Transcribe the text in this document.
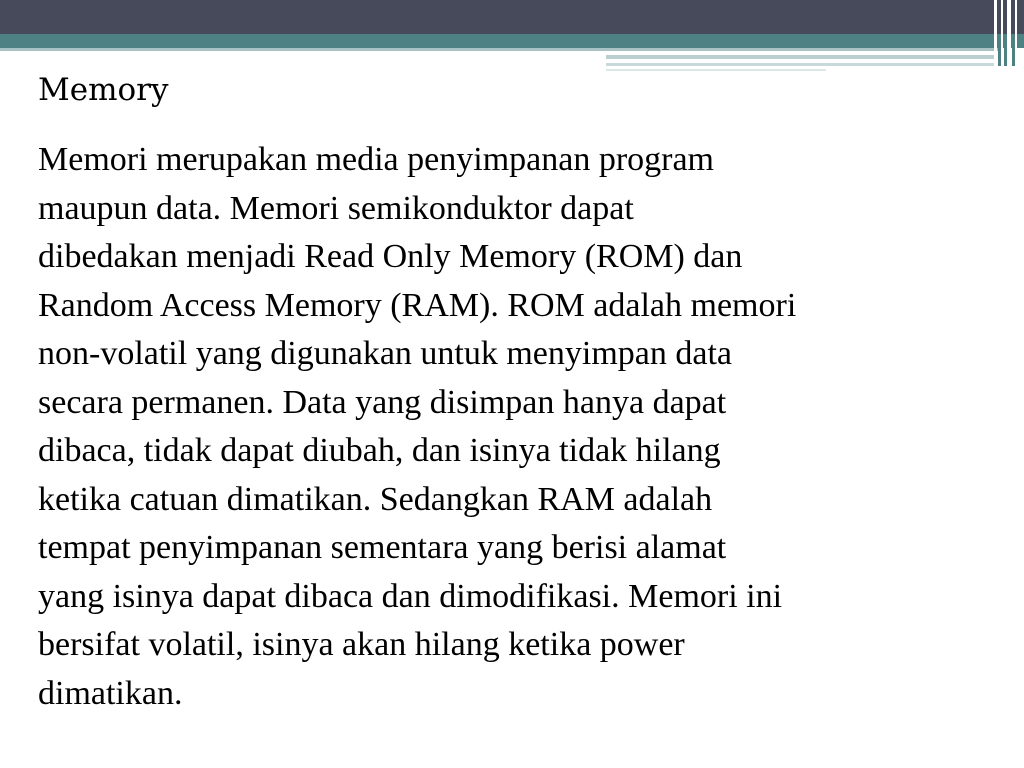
Memory
Memori merupakan media penyimpanan program
maupun data. Memori semikonduktor dapat
dibedakan menjadi Read Only Memory (ROM) dan
Random Access Memory (RAM). ROM adalah memori
non-volatil yang digunakan untuk menyimpan data
secara permanen. Data yang disimpan hanya dapat
dibaca, tidak dapat diubah, dan isinya tidak hilang
ketika catuan dimatikan. Sedangkan RAM adalah
tempat penyimpanan sementara yang berisi alamat
yang isinya dapat dibaca dan dimodifikasi. Memori ini
bersifat volatil, isinya akan hilang ketika power
dimatikan.
